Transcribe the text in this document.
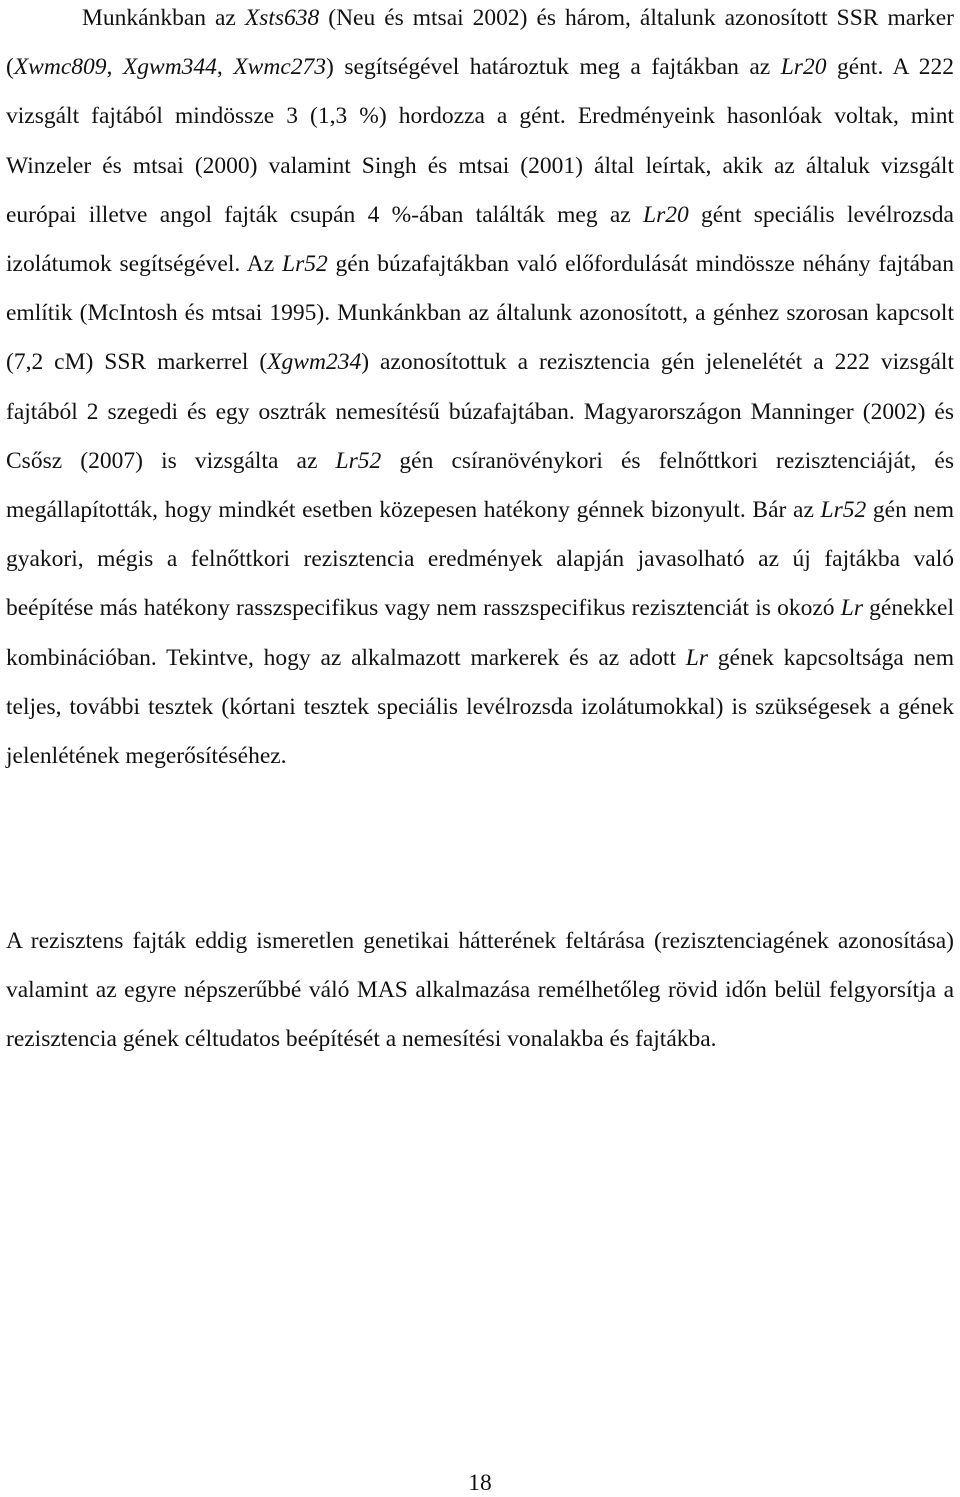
Munkánkban az Xsts638 (Neu és mtsai 2002) és három, általunk azonosított SSR marker (Xwmc809, Xgwm344, Xwmc273) segítségével határoztuk meg a fajtákban az Lr20 gént. A 222 vizsgált fajtából mindössze 3 (1,3 %) hordozza a gént. Eredményeink hasonlóak voltak, mint Winzeler és mtsai (2000) valamint Singh és mtsai (2001) által leírtak, akik az általuk vizsgált európai illetve angol fajták csupán 4 %-ában találták meg az Lr20 gént speciális levélrozsda izolátumok segítségével. Az Lr52 gén búzafajtákban való előfordulását mindössze néhány fajtában említik (McIntosh és mtsai 1995). Munkánkban az általunk azonosított, a génhez szorosan kapcsolt (7,2 cM) SSR markerrel (Xgwm234) azonosítottuk a rezisztencia gén jelenelétét a 222 vizsgált fajtából 2 szegedi és egy osztrák nemesítésű búzafajtában. Magyarországon Manninger (2002) és Csősz (2007) is vizsgálta az Lr52 gén csíranövénykori és felnőttkori rezisztenciáját, és megállapították, hogy mindkét esetben közepesen hatékony génnek bizonyult. Bár az Lr52 gén nem gyakori, mégis a felnőttkori rezisztencia eredmények alapján javasolható az új fajtákba való beépítése más hatékony rasszspecifikus vagy nem rasszspecifikus rezisztenciát is okozó Lr génekkel kombinációban. Tekintve, hogy az alkalmazott markerek és az adott Lr gének kapcsoltsága nem teljes, további tesztek (kórtani tesztek speciális levélrozsda izolátumokkal) is szükségesek a gének jelenlétének megerősítéséhez.

A rezisztens fajták eddig ismeretlen genetikai hátterének feltárása (rezisztenciagének azonosítása) valamint az egyre népszerűbbé váló MAS alkalmazása remélhetőleg rövid időn belül felgyorsítja a rezisztencia gének céltudatos beépítését a nemesítési vonalakba és fajtákba.

18
